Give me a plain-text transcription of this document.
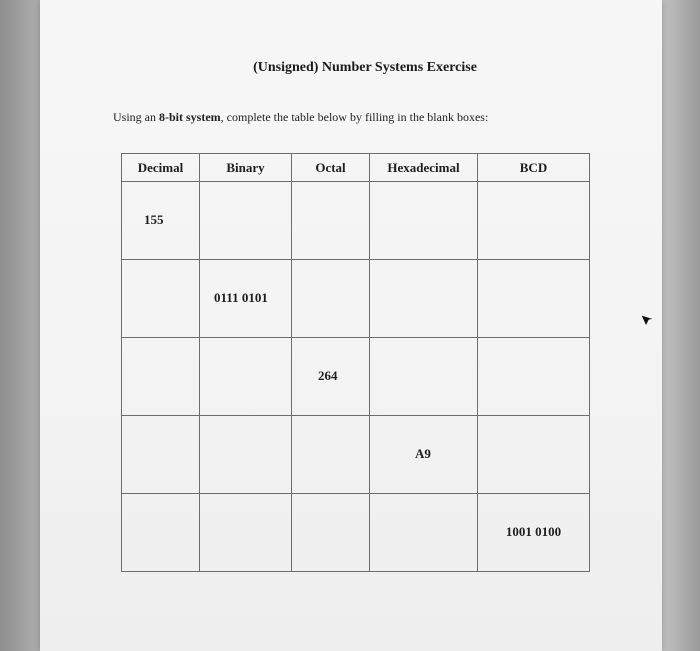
(Unsigned) Number Systems Exercise
Using an 8-bit system, complete the table below by filling in the blank boxes:
Decimal	Binary	Octal	Hexadecimal	BCD

155				

	0111 0101			

		264		

			A9	

				1001 0100
